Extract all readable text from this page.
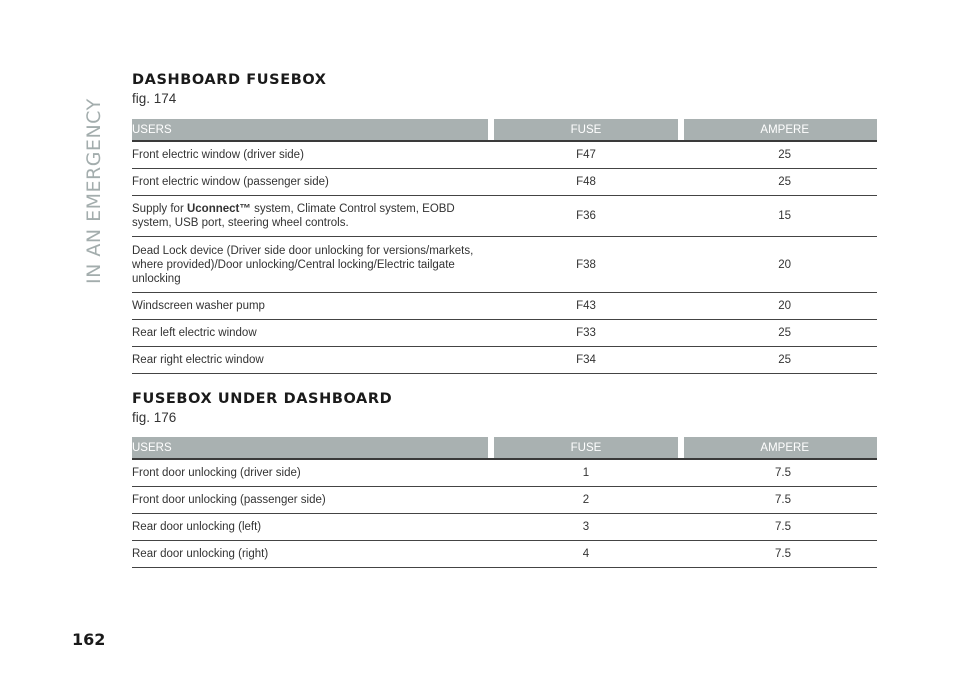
IN AN EMERGENCY
DASHBOARD FUSEBOX
fig. 174
USERS		FUSE		AMPERE
Front electric window (driver side)	F47			25
Front electric window (passenger side)	F48			25
Supply for Uconnect™ system, Climate Control system, EOBD system, USB port, steering wheel controls.	F36			15
Dead Lock device (Driver side door unlocking for versions/markets, where provided)/Door unlocking/Central locking/Electric tailgate unlocking	F38			20
Windscreen washer pump	F43			20
Rear left electric window	F33			25
Rear right electric window	F34			25
FUSEBOX UNDER DASHBOARD
fig. 176
USERS		FUSE		AMPERE
Front door unlocking (driver side)	1			7.5
Front door unlocking (passenger side)	2			7.5
Rear door unlocking (left)	3			7.5
Rear door unlocking (right)	4			7.5
162
